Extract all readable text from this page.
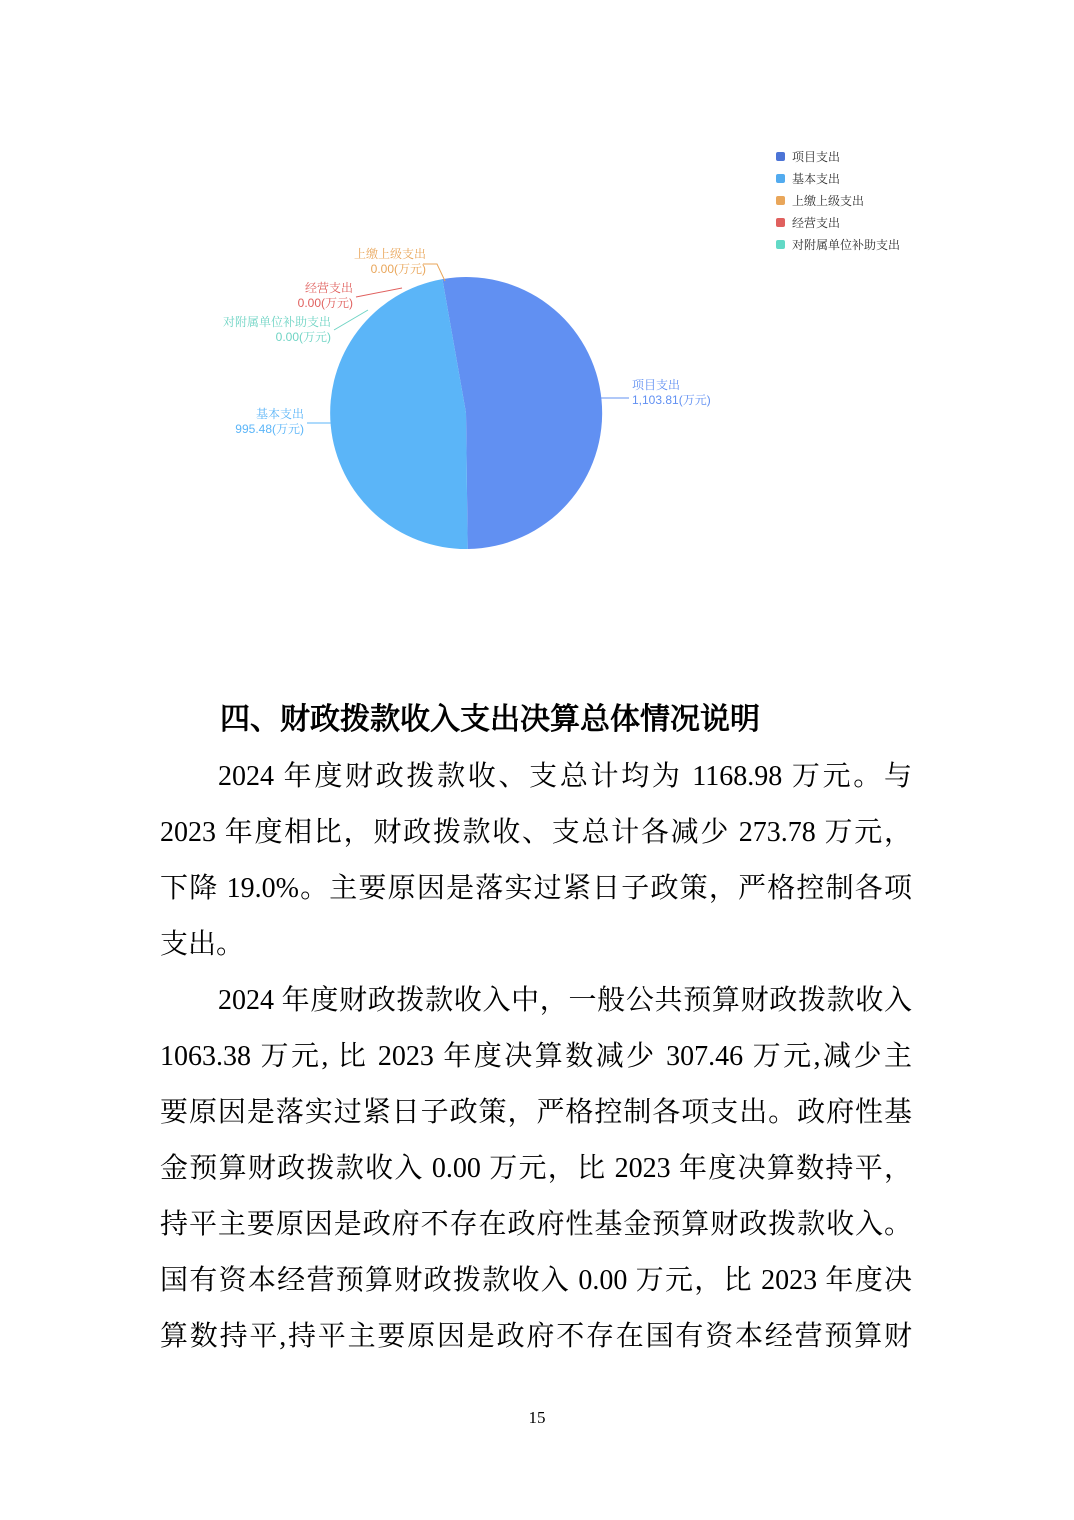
项目支出
1,103.81(万元)
基本支出
995.48(万元)
上缴上级支出
0.00(万元)
经营支出
0.00(万元)
对附属单位补助支出
0.00(万元)
项目支出
基本支出
上缴上级支出
经营支出
对附属单位补助支出
四、财政拨款收入支出决算总体情况说明
2024 年度财政拨款收、支总计均为 1168.98 万元。与
2023 年度相比，财政拨款收、支总计各减少 273.78 万元，
下降 19.0%。主要原因是落实过紧日子政策，严格控制各项
支出。
2024 年度财政拨款收入中，一般公共预算财政拨款收入
1063.38 万元, 比 2023 年度决算数减少 307.46 万元,减少主
要原因是落实过紧日子政策，严格控制各项支出。政府性基
金预算财政拨款收入 0.00 万元，比 2023 年度决算数持平，
持平主要原因是政府不存在政府性基金预算财政拨款收入。
国有资本经营预算财政拨款收入 0.00 万元，比 2023 年度决
算数持平,持平主要原因是政府不存在国有资本经营预算财
15
